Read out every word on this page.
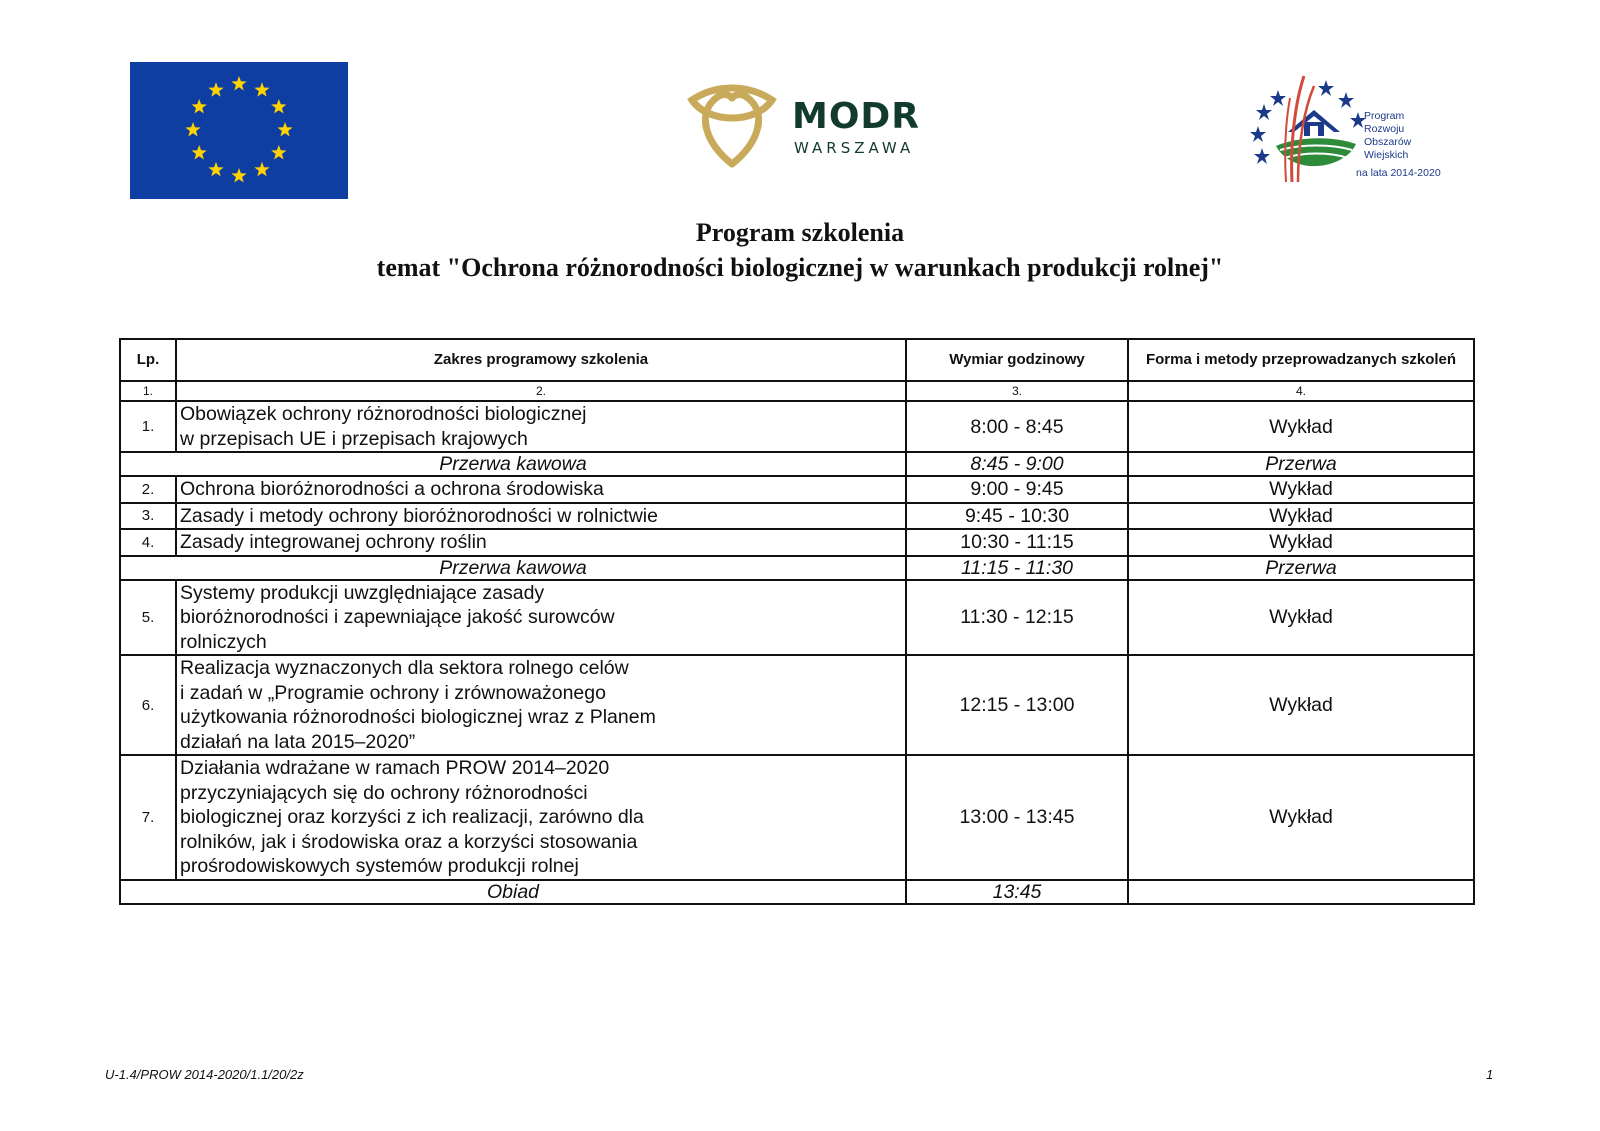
MODR
WARSZAWA
Program
Rozwoju
Obszarów
Wiejskich
na lata 2014-2020
Program szkolenia
temat "Ochrona różnorodności biologicznej w warunkach produkcji rolnej"
Lp.	Zakres programowy szkolenia	Wymiar godzinowy	Forma i metody przeprowadzanych szkoleń
1.	2.	3.	4.
1.	Obowiązek ochrony różnorodności biologicznej
w przepisach UE i przepisach krajowych	8:00 - 8:45	Wykład
Przerwa kawowa		8:45 - 9:00	Przerwa
2.	Ochrona bioróżnorodności a ochrona środowiska	9:00 - 9:45	Wykład
3.	Zasady i metody ochrony bioróżnorodności w rolnictwie	9:45 - 10:30	Wykład
4.	Zasady integrowanej ochrony roślin	10:30 - 11:15	Wykład
Przerwa kawowa		11:15 - 11:30	Przerwa
5.	Systemy produkcji uwzględniające zasady
bioróżnorodności i zapewniające jakość surowców
rolniczych	11:30 - 12:15	Wykład
6.	Realizacja wyznaczonych dla sektora rolnego celów
i zadań w „Programie ochrony i zrównoważonego
użytkowania różnorodności biologicznej wraz z Planem
działań na lata 2015–2020”	12:15 - 13:00	Wykład
7.	Działania wdrażane w ramach PROW 2014–2020
przyczyniających się do ochrony różnorodności
biologicznej oraz korzyści z ich realizacji, zarówno dla
rolników, jak i środowiska oraz a korzyści stosowania
prośrodowiskowych systemów produkcji rolnej	13:00 - 13:45	Wykład
Obiad		13:45	
U-1.4/PROW 2014-2020/1.1/20/2z	1
